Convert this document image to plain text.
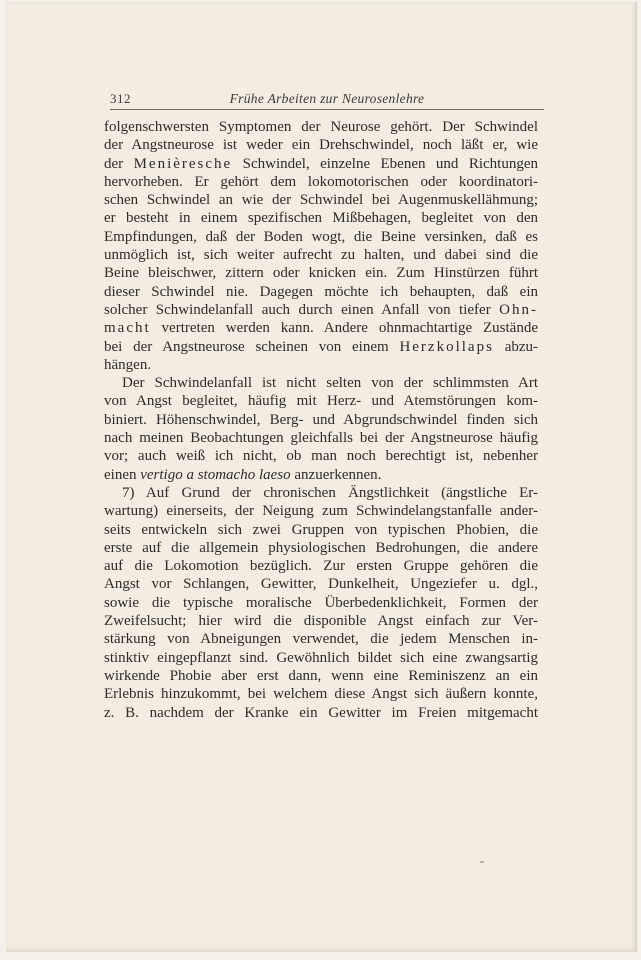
312	Frühe Arbeiten zur Neurosenlehre
folgenschwersten Symptomen der Neurose gehört. Der Schwindel
der Angstneurose ist weder ein Drehschwindel, noch läßt er, wie
der Menièresche Schwindel, einzelne Ebenen und Richtungen
hervorheben. Er gehört dem lokomotorischen oder koordinatori-
schen Schwindel an wie der Schwindel bei Augenmuskellähmung;
er besteht in einem spezifischen Mißbehagen, begleitet von den
Empfindungen, daß der Boden wogt, die Beine versinken, daß es
unmöglich ist, sich weiter aufrecht zu halten, und dabei sind die
Beine bleischwer, zittern oder knicken ein. Zum Hinstürzen führt
dieser Schwindel nie. Dagegen möchte ich behaupten, daß ein
solcher Schwindelanfall auch durch einen Anfall von tiefer Ohn-
macht vertreten werden kann. Andere ohnmachtartige Zustände
bei der Angstneurose scheinen von einem Herzkollaps abzu-
hängen.
Der Schwindelanfall ist nicht selten von der schlimmsten Art
von Angst begleitet, häufig mit Herz- und Atemstörungen kom-
biniert. Höhenschwindel, Berg- und Abgrundschwindel finden sich
nach meinen Beobachtungen gleichfalls bei der Angstneurose häufig
vor; auch weiß ich nicht, ob man noch berechtigt ist, nebenher
einen vertigo a stomacho laeso anzuerkennen.
7) Auf Grund der chronischen Ängstlichkeit (ängstliche Er-
wartung) einerseits, der Neigung zum Schwindelangstanfalle ander-
seits entwickeln sich zwei Gruppen von typischen Phobien, die
erste auf die allgemein physiologischen Bedrohungen, die andere
auf die Lokomotion bezüglich. Zur ersten Gruppe gehören die
Angst vor Schlangen, Gewitter, Dunkelheit, Ungeziefer u. dgl.,
sowie die typische moralische Überbedenklichkeit, Formen der
Zweifelsucht; hier wird die disponible Angst einfach zur Ver-
stärkung von Abneigungen verwendet, die jedem Menschen in-
stinktiv eingepflanzt sind. Gewöhnlich bildet sich eine zwangsartig
wirkende Phobie aber erst dann, wenn eine Reminiszenz an ein
Erlebnis hinzukommt, bei welchem diese Angst sich äußern konnte,
z. B. nachdem der Kranke ein Gewitter im Freien mitgemacht
